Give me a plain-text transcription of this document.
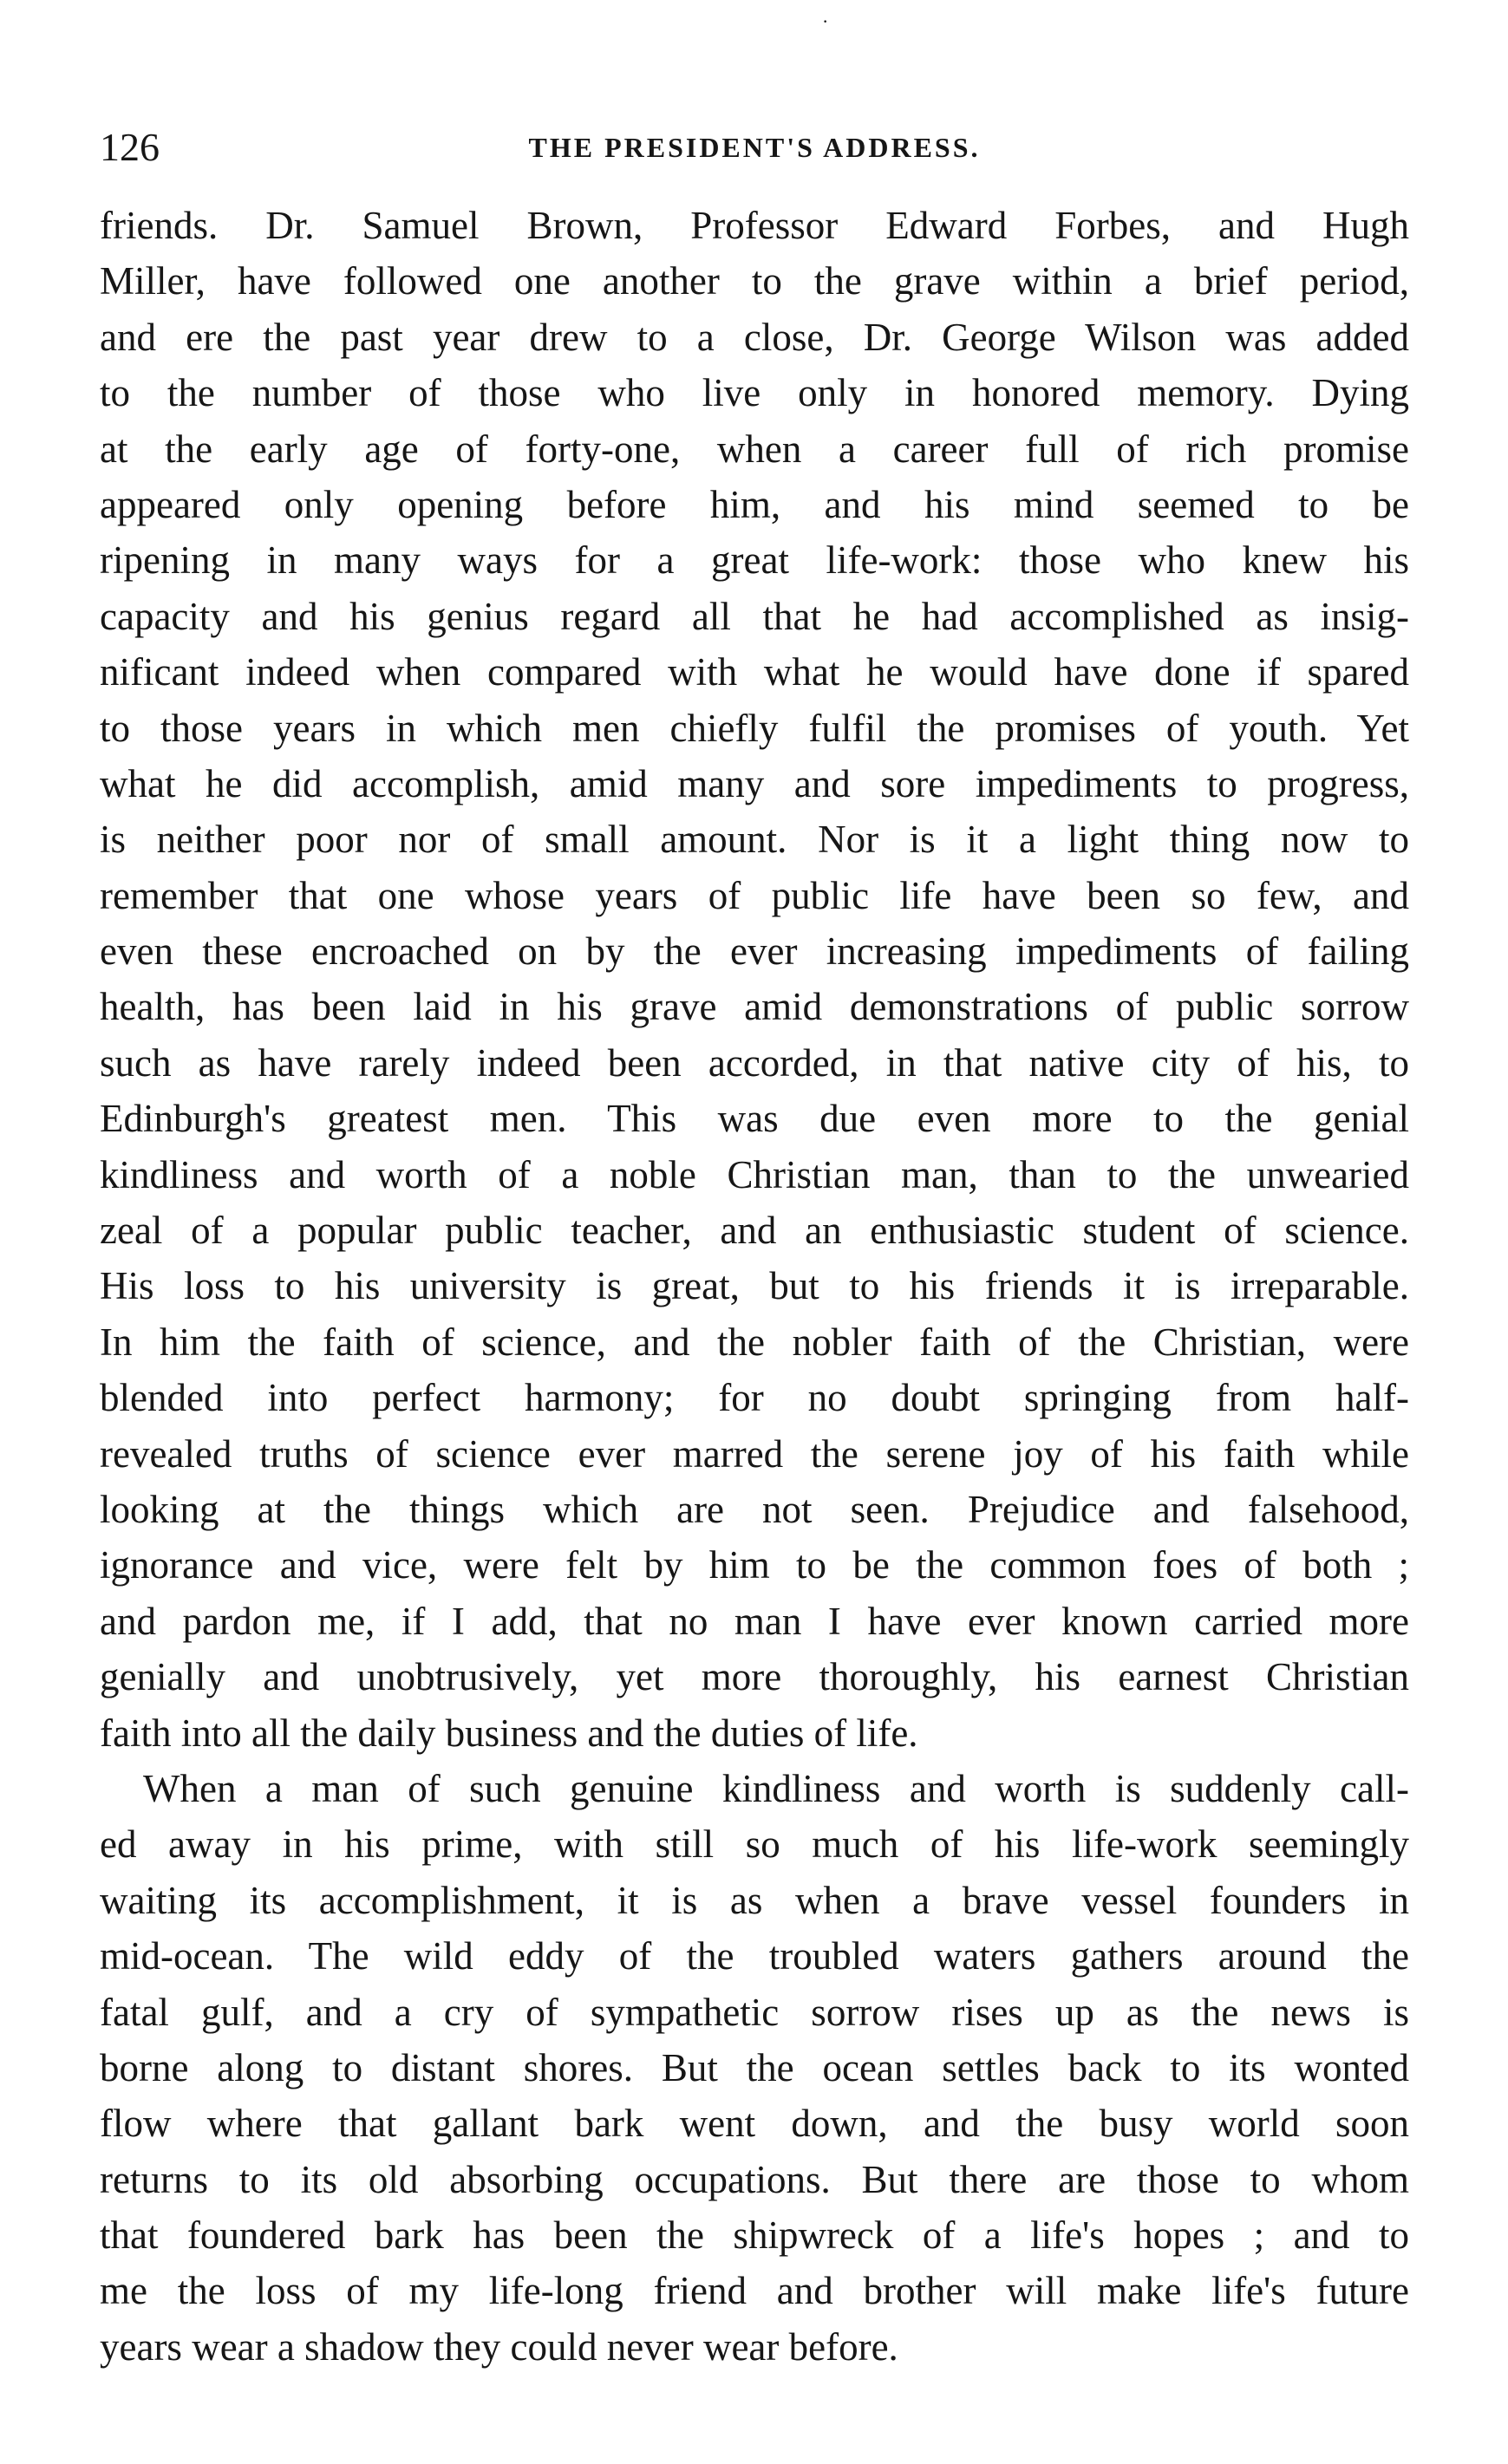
·
126	THE PRESIDENT'S ADDRESS.
friends. Dr. Samuel Brown, Professor Edward Forbes, and Hugh
Miller, have followed one another to the grave within a brief period,
and ere the past year drew to a close, Dr. George Wilson was added
to the number of those who live only in honored memory. Dying
at the early age of forty-one, when a career full of rich promise
appeared only opening before him, and his mind seemed to be
ripening in many ways for a great life-work: those who knew his
capacity and his genius regard all that he had accomplished as insig-
nificant indeed when compared with what he would have done if spared
to those years in which men chiefly fulfil the promises of youth. Yet
what he did accomplish, amid many and sore impediments to progress,
is neither poor nor of small amount. Nor is it a light thing now to
remember that one whose years of public life have been so few, and
even these encroached on by the ever increasing impediments of failing
health, has been laid in his grave amid demonstrations of public sorrow
such as have rarely indeed been accorded, in that native city of his, to
Edinburgh's greatest men. This was due even more to the genial
kindliness and worth of a noble Christian man, than to the unwearied
zeal of a popular public teacher, and an enthusiastic student of science.
His loss to his university is great, but to his friends it is irreparable.
In him the faith of science, and the nobler faith of the Christian, were
blended into perfect harmony; for no doubt springing from half-
revealed truths of science ever marred the serene joy of his faith while
looking at the things which are not seen. Prejudice and falsehood,
ignorance and vice, were felt by him to be the common foes of both ;
and pardon me, if I add, that no man I have ever known carried more
genially and unobtrusively, yet more thoroughly, his earnest Christian
faith into all the daily business and the duties of life.
When a man of such genuine kindliness and worth is suddenly call-
ed away in his prime, with still so much of his life-work seemingly
waiting its accomplishment, it is as when a brave vessel founders in
mid-ocean. The wild eddy of the troubled waters gathers around the
fatal gulf, and a cry of sympathetic sorrow rises up as the news is
borne along to distant shores. But the ocean settles back to its wonted
flow where that gallant bark went down, and the busy world soon
returns to its old absorbing occupations. But there are those to whom
that foundered bark has been the shipwreck of a life's hopes ; and to
me the loss of my life-long friend and brother will make life's future
years wear a shadow they could never wear before.
